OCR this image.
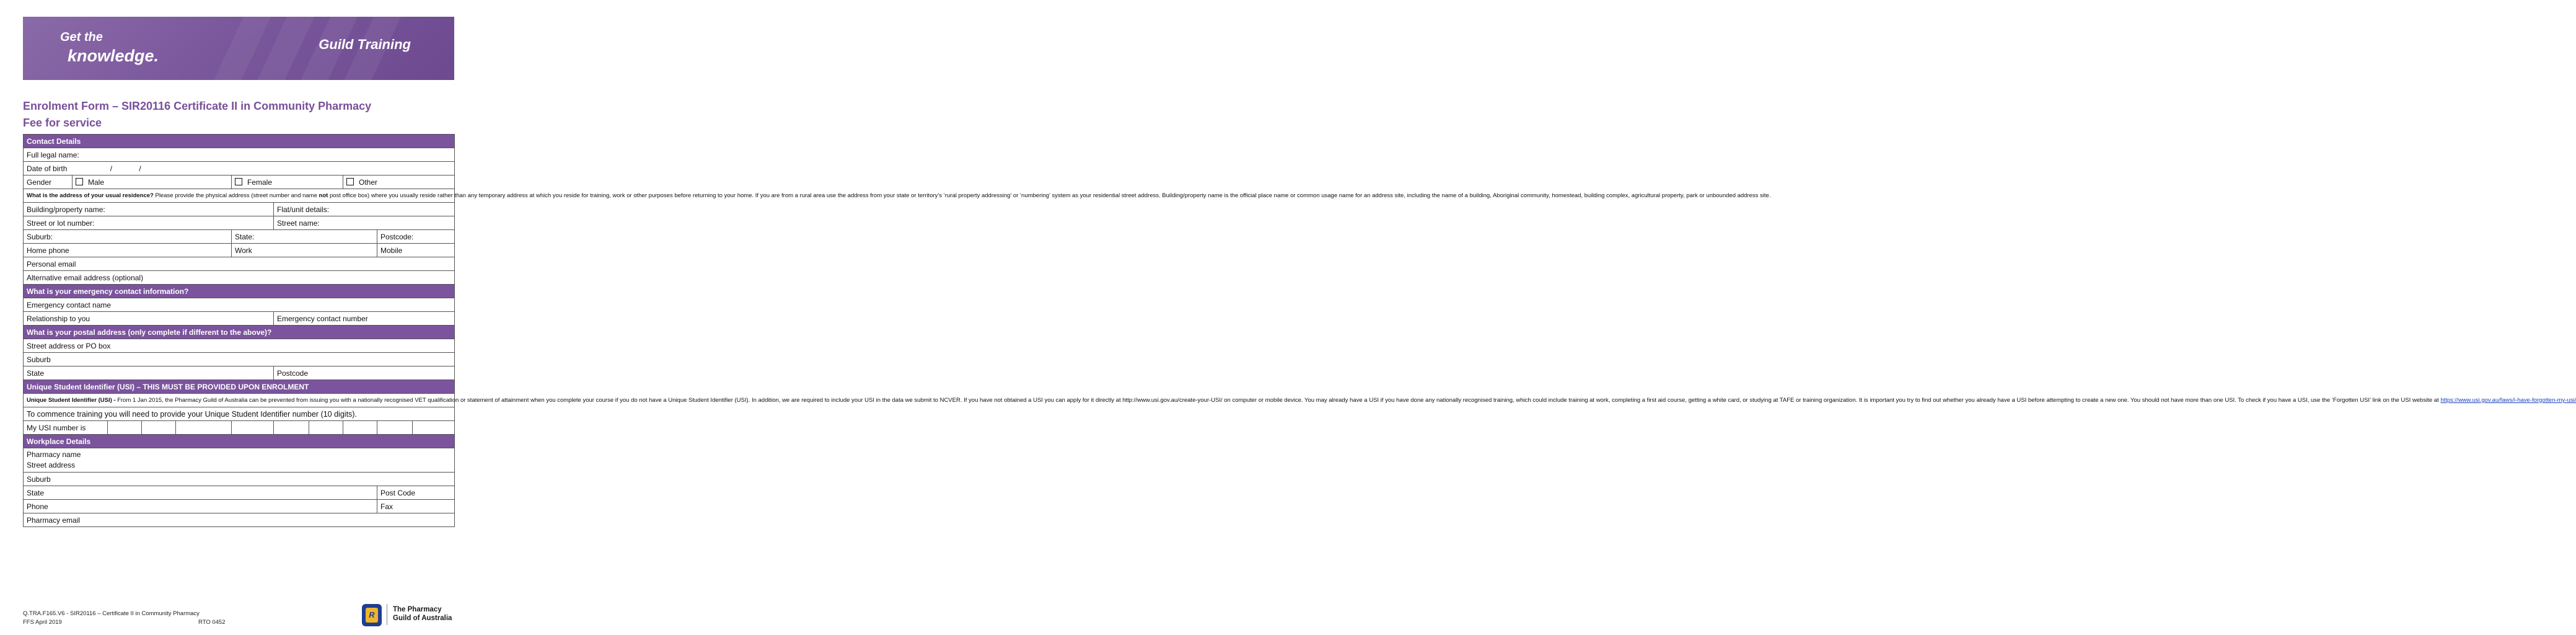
Get the
knowledge.
Guild Training
Enrolment Form – SIR20116 Certificate II in Community Pharmacy
Fee for service
Contact Details										
Full legal name:										
Date of birth / /										
Gender	Male				Female			Other		
What is the address of your usual residence? Please provide the physical address (street number and name not post office box) where you usually reside rather than any temporary address at which you reside for training, work or other purposes before returning to your home. If you are from a rural area use the address from your state or territory’s ‘rural property addressing’ or ‘numbering’ system as your residential street address. Building/property name is the official place name or common usage name for an address site, including the name of a building, Aboriginal community, homestead, building complex, agricultural property, park or unbounded address site.										
Building/property name:						Flat/unit details:				
Street or lot number:						Street name:				
Suburb:					State:				Postcode:	
Home phone					Work				Mobile	
Personal email										
Alternative email address (optional)										
What is your emergency contact information?										
Emergency contact name										
Relationship to you						Emergency contact number				
What is your postal address (only complete if different to the above)?										
Street address or PO box										
Suburb										
State						Postcode				
Unique Student Identifier (USI) – THIS MUST BE PROVIDED UPON ENROLMENT										
Unique Student Identifier (USI) - From 1 Jan 2015, the Pharmacy Guild of Australia can be prevented from issuing you with a nationally recognised VET qualification or statement of attainment when you complete your course if you do not have a Unique Student Identifier (USI). In addition, we are required to include your USI in the data we submit to NCVER. If you have not obtained a USI you can apply for it directly at http://www.usi.gov.au/create-your-USI/ on computer or mobile device. You may already have a USI if you have done any nationally recognised training, which could include training at work, completing a first aid course, getting a white card, or studying at TAFE or training organization. It is important you try to find out whether you already have a USI before attempting to create a new one. You should not have more than one USI. To check if you have a USI, use the ‘Forgotten USI’ link on the USI website at https://www.usi.gov.au/faws/i-have-forgotten-my-usi/										
To commence training you will need to provide your Unique Student Identifier number (10 digits).										
My USI number is										
Workplace Details										

Pharmacy name
Street address										

Suburb										
State									Post Code	
Phone									Fax	
Pharmacy email										
Q.TRA.F165.V6 - SIR20116 – Certificate II in Community Pharmacy
FFS April 2019	RTO 0452
R
The Pharmacy
Guild of Australia
